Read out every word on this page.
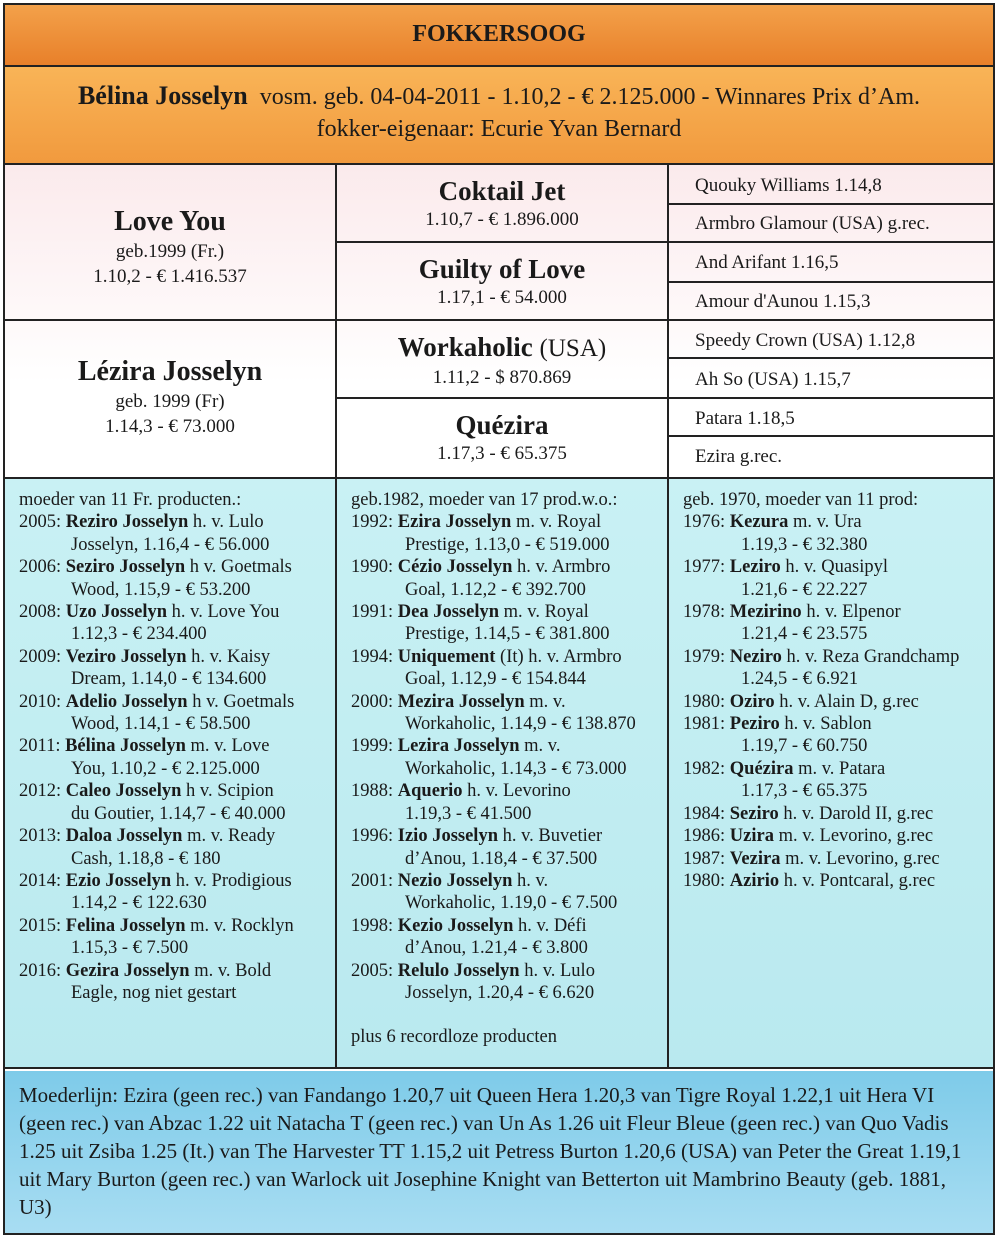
FOKKERSOOG
Bélina Josselyn vosm. geb. 04-04-2011 - 1.10,2 - € 2.125.000 - Winnares Prix d’Am.
fokker-eigenaar: Ecurie Yvan Bernard
Love You
geb.1999 (Fr.)
1.10,2 - € 1.416.537
Lézira Josselyn
geb. 1999 (Fr)
1.14,3 - € 73.000
Coktail Jet
1.10,7 - € 1.896.000
Guilty of Love
1.17,1 - € 54.000
Workaholic (USA)
1.11,2 - $ 870.869
Quézira
1.17,3 - € 65.375
Quouky Williams 1.14,8
Armbro Glamour (USA) g.rec.
And Arifant 1.16,5
Amour d'Aunou 1.15,3
Speedy Crown (USA) 1.12,8
Ah So (USA) 1.15,7
Patara 1.18,5
Ezira g.rec.
moeder van 11 Fr. producten.:
2005: Reziro Josselyn h. v. Lulo
Josselyn, 1.16,4 - € 56.000
2006: Seziro Josselyn h v. Goetmals
Wood, 1.15,9 - € 53.200
2008: Uzo Josselyn h. v. Love You
1.12,3 - € 234.400
2009: Veziro Josselyn h. v. Kaisy
Dream, 1.14,0 - € 134.600
2010: Adelio Josselyn h v. Goetmals
Wood, 1.14,1 - € 58.500
2011: Bélina Josselyn m. v. Love
You, 1.10,2 - € 2.125.000
2012: Caleo Josselyn h v. Scipion
du Goutier, 1.14,7 - € 40.000
2013: Daloa Josselyn m. v. Ready
Cash, 1.18,8 - € 180
2014: Ezio Josselyn h. v. Prodigious
1.14,2 - € 122.630
2015: Felina Josselyn m. v. Rocklyn
1.15,3 - € 7.500
2016: Gezira Josselyn m. v. Bold
Eagle, nog niet gestart
geb.1982, moeder van 17 prod.w.o.:
1992: Ezira Josselyn m. v. Royal
Prestige, 1.13,0 - € 519.000
1990: Cézio Josselyn h. v. Armbro
Goal, 1.12,2 - € 392.700
1991: Dea Josselyn m. v. Royal
Prestige, 1.14,5 - € 381.800
1994: Uniquement (It) h. v. Armbro
Goal, 1.12,9 - € 154.844
2000: Mezira Josselyn m. v.
Workaholic, 1.14,9 - € 138.870
1999: Lezira Josselyn m. v.
Workaholic, 1.14,3 - € 73.000
1988: Aquerio h. v. Levorino
1.19,3 - € 41.500
1996: Izio Josselyn h. v. Buvetier
d’Anou, 1.18,4 - € 37.500
2001: Nezio Josselyn h. v.
Workaholic, 1.19,0 - € 7.500
1998: Kezio Josselyn h. v. Défi
d’Anou, 1.21,4 - € 3.800
2005: Relulo Josselyn h. v. Lulo
Josselyn, 1.20,4 - € 6.620
plus 6 recordloze producten
geb. 1970, moeder van 11 prod:
1976: Kezura m. v. Ura
1.19,3 - € 32.380
1977: Leziro h. v. Quasipyl
1.21,6 - € 22.227
1978: Mezirino h. v. Elpenor
1.21,4 - € 23.575
1979: Neziro h. v. Reza Grandchamp
1.24,5 - € 6.921
1980: Oziro h. v. Alain D, g.rec
1981: Peziro h. v. Sablon
1.19,7 - € 60.750
1982: Quézira m. v. Patara
1.17,3 - € 65.375
1984: Seziro h. v. Darold II, g.rec
1986: Uzira m. v. Levorino, g.rec
1987: Vezira m. v. Levorino, g.rec
1980: Azirio h. v. Pontcaral, g.rec
Moederlijn: Ezira (geen rec.) van Fandango 1.20,7 uit Queen Hera 1.20,3 van Tigre Royal 1.22,1 uit Hera VI (geen rec.) van Abzac 1.22 uit Natacha T (geen rec.) van Un As 1.26 uit Fleur Bleue (geen rec.) van Quo Vadis 1.25 uit Zsiba 1.25 (It.) van The Harvester TT 1.15,2 uit Petress Burton 1.20,6 (USA) van Peter the Great 1.19,1 uit Mary Burton (geen rec.) van Warlock uit Josephine Knight van Betterton uit Mambrino Beauty (geb. 1881, U3)
